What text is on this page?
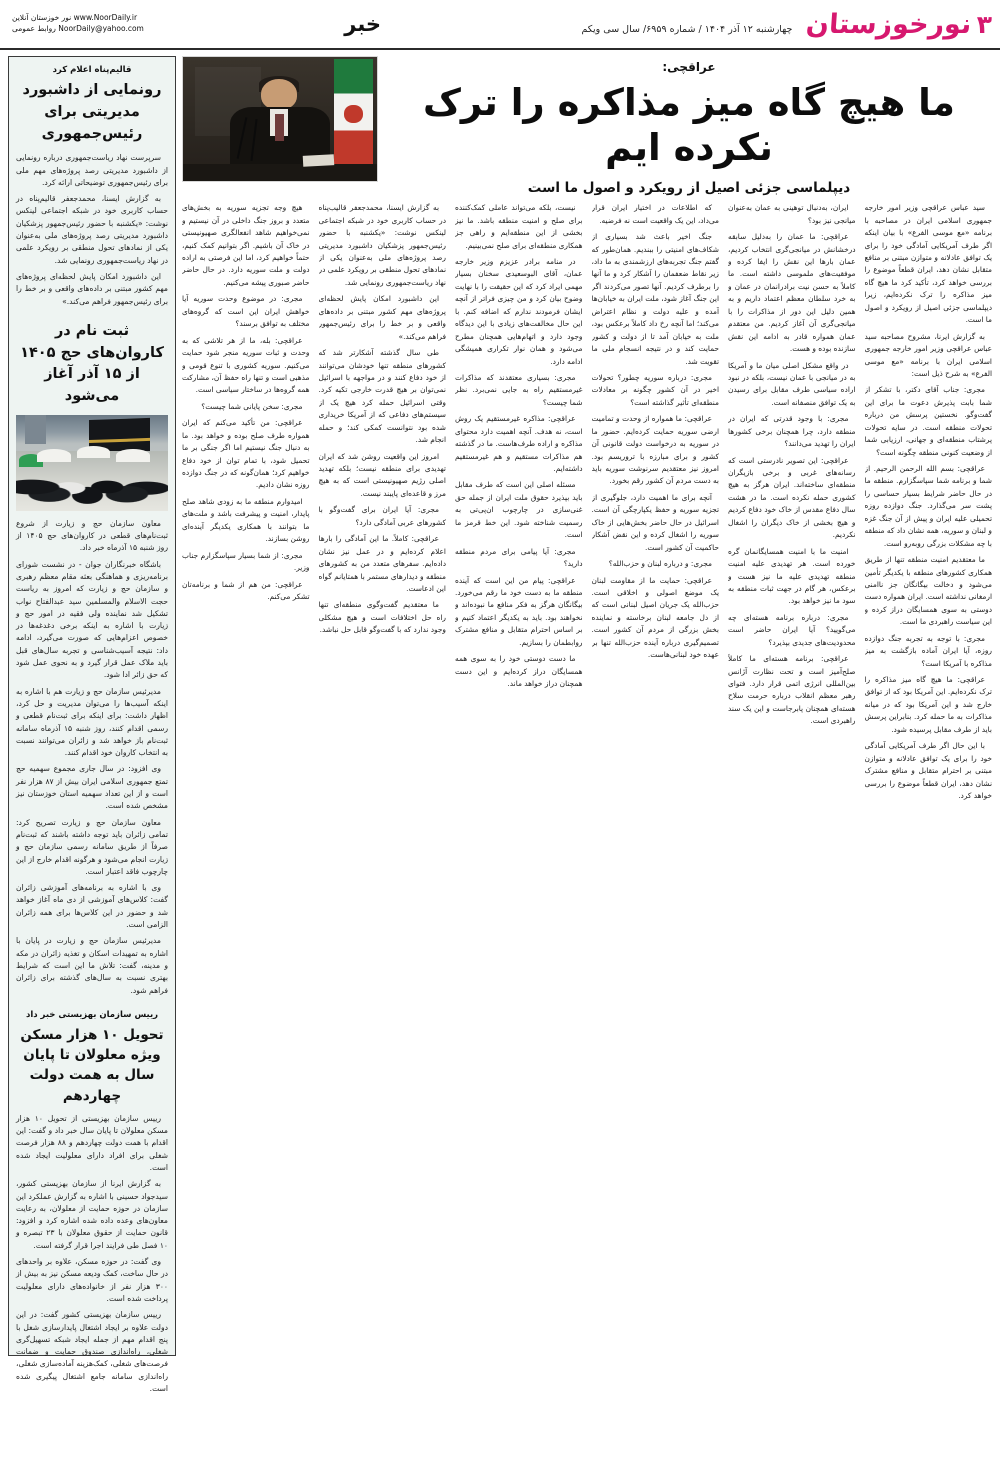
۳
نورخوزستان
چهارشنبه ۱۲ آذر ۱۴۰۴ / شماره ۶۹۵۹/ سال سی ویکم
خبر
نور خوزستان آنلاین www.NoorDaily.ir
روابط عمومی NoorDaily@yahoo.com
عراقچی:
ما هیچ گاه میز مذاکره را ترک نکرده ایم
دیپلماسی جزئی اصیل از رویکرد و اصول ما است

سید عباس عراقچی وزیر امور خارجه جمهوری اسلامی ایران در مصاحبه با برنامه «مع موسی الفرع» با بیان اینکه اگر طرف آمریکایی آمادگی خود را برای یک توافق عادلانه و متوازن مبتنی بر منافع متقابل نشان دهد، ایران قطعاً موضوع را بررسی خواهد کرد، تأکید کرد ما هیچ گاه میز مذاکره را ترک نکرده‌ایم، زیرا دیپلماسی جزئی اصیل از رویکرد و اصول ما است.

به گزارش ایرنا، مشروح مصاحبه سید عباس عراقچی وزیر امور خارجه جمهوری اسلامی ایران با برنامه «مع موسی الفرع» به شرح ذیل است:

مجری: جناب آقای دکتر، با تشکر از شما بابت پذیرش دعوت ما برای این گفت‌وگو. نخستین پرسش من درباره تحولات منطقه است. در سایه تحولات پرشتاب منطقه‌ای و جهانی، ارزیابی شما از وضعیت کنونی منطقه چگونه است؟

عراقچی: بسم الله الرحمن الرحیم. از شما و برنامه شما سپاسگزارم. منطقه ما در حال حاضر شرایط بسیار حساسی را پشت سر می‌گذارد. جنگ دوازده روزه تحمیلی علیه ایران و پیش از آن جنگ غزه و لبنان و سوریه، همه نشان داد که منطقه با چه مشکلات بزرگی روبه‌رو است.

ما معتقدیم امنیت منطقه تنها از طریق همکاری کشورهای منطقه با یکدیگر تأمین می‌شود و دخالت بیگانگان جز ناامنی ارمغانی نداشته است. ایران همواره دست دوستی به سوی همسایگان دراز کرده و این سیاست راهبردی ما است.

مجری: با توجه به تجربه جنگ دوازده روزه، آیا ایران آماده بازگشت به میز مذاکره با آمریکا است؟

عراقچی: ما هیچ گاه میز مذاکره را ترک نکرده‌ایم. این آمریکا بود که از توافق خارج شد و این آمریکا بود که در میانه مذاکرات به ما حمله کرد. بنابراین پرسش باید از طرف مقابل پرسیده شود.

با این حال اگر طرف آمریکایی آمادگی خود را برای یک توافق عادلانه و متوازن مبتنی بر احترام متقابل و منافع مشترک نشان دهد، ایران قطعاً موضوع را بررسی خواهد کرد.

ایران، به‌دنبال توهینی به عمان به‌عنوان میانجی نیز بود؟

عراقچی: ما عمان را به‌دلیل سابقه درخشانش در میانجی‌گری انتخاب کردیم، عمان بارها این نقش را ایفا کرده و موفقیت‌های ملموسی داشته است. ما کاملاً به حسن نیت برادرانمان در عمان و به خرد سلطان معظم اعتماد داریم و به همین دلیل این دور از مذاکرات را با میانجی‌گری آن آغاز کردیم. من معتقدم عمان همواره قادر به ادامه این نقش سازنده بوده و هست.

در واقع مشکل اصلی میان ما و آمریکا به در میانجی با عمان نیست، بلکه در نبود اراده سیاسی طرف مقابل برای رسیدن به یک توافق منصفانه است.

مجری: با وجود قدرتی که ایران در منطقه دارد، چرا همچنان برخی کشورها ایران را تهدید می‌دانند؟

عراقچی: این تصویر نادرستی است که رسانه‌های غربی و برخی بازیگران منطقه‌ای ساخته‌اند. ایران هرگز به هیچ کشوری حمله نکرده است. ما در هشت سال دفاع مقدس از خاک خود دفاع کردیم و هیچ بخشی از خاک دیگران را اشغال نکردیم.

امنیت ما با امنیت همسایگانمان گره خورده است. هر تهدیدی علیه امنیت منطقه تهدیدی علیه ما نیز هست و برعکس، هر گام در جهت ثبات منطقه به سود ما نیز خواهد بود.

مجری: درباره برنامه هسته‌ای چه می‌گویید؟ آیا ایران حاضر است محدودیت‌های جدیدی بپذیرد؟

عراقچی: برنامه هسته‌ای ما کاملاً صلح‌آمیز است و تحت نظارت آژانس بین‌المللی انرژی اتمی قرار دارد. فتوای رهبر معظم انقلاب درباره حرمت سلاح هسته‌ای همچنان پابرجاست و این یک سند راهبردی است.

که اطلاعات در اختیار ایران قرار می‌داد، این یک واقعیت است نه فرضیه.

جنگ اخیر باعث شد بسیاری از شکاف‌های امنیتی را ببندیم. همان‌طور که گفتم جنگ تجربه‌های ارزشمندی به ما داد، زیر نقاط ضعفمان را آشکار کرد و ما آنها را برطرف کردیم. آنها تصور می‌کردند اگر این جنگ آغاز شود، ملت ایران به خیابان‌ها آمده و علیه دولت و نظام اعتراض می‌کند؛ اما آنچه رخ داد کاملاً برعکس بود، ملت به خیابان آمد تا از دولت و کشور حمایت کند و در نتیجه انسجام ملی ما تقویت شد.

مجری: درباره سوریه چطور؟ تحولات اخیر در آن کشور چگونه بر معادلات منطقه‌ای تأثیر گذاشته است؟

عراقچی: ما همواره از وحدت و تمامیت ارضی سوریه حمایت کرده‌ایم. حضور ما در سوریه به درخواست دولت قانونی آن کشور و برای مبارزه با تروریسم بود. امروز نیز معتقدیم سرنوشت سوریه باید به دست مردم آن کشور رقم بخورد.

آنچه برای ما اهمیت دارد، جلوگیری از تجزیه سوریه و حفظ یکپارچگی آن است. اسرائیل در حال حاضر بخش‌هایی از خاک سوریه را اشغال کرده و این نقض آشکار حاکمیت آن کشور است.

مجری: و درباره لبنان و حزب‌الله؟

عراقچی: حمایت ما از مقاومت لبنان یک موضع اصولی و اخلاقی است. حزب‌الله یک جریان اصیل لبنانی است که از دل جامعه لبنان برخاسته و نماینده بخش بزرگی از مردم آن کشور است. تصمیم‌گیری درباره آینده حزب‌الله تنها بر عهده خود لبنانی‌هاست.

نیست، بلکه می‌تواند عاملی کمک‌کننده برای صلح و امنیت منطقه باشد. ما نیز بخشی از این منطقه‌ایم و راهی جز همکاری منطقه‌ای برای صلح نمی‌بینیم.

در منامه برادر عزیزم وزیر خارجه عمان، آقای البوسعیدی سخنان بسیار مهمی ایراد کرد که این حقیقت را با نهایت وضوح بیان کرد و من چیزی فراتر از آنچه ایشان فرمودند ندارم که اضافه کنم. با این حال مخالفت‌های زیادی با این دیدگاه وجود دارد و اتهام‌هایی همچنان مطرح می‌شود و همان نوار تکراری همیشگی ادامه دارد.

مجری: بسیاری معتقدند که مذاکرات غیرمستقیم راه به جایی نمی‌برد. نظر شما چیست؟

عراقچی: مذاکره غیرمستقیم یک روش است، نه هدف. آنچه اهمیت دارد محتوای مذاکره و اراده طرف‌هاست. ما در گذشته هم مذاکرات مستقیم و هم غیرمستقیم داشته‌ایم.

مسئله اصلی این است که طرف مقابل باید بپذیرد حقوق ملت ایران از جمله حق غنی‌سازی در چارچوب ان‌پی‌تی به رسمیت شناخته شود. این خط قرمز ما است.

مجری: آیا پیامی برای مردم منطقه دارید؟

عراقچی: پیام من این است که آینده منطقه ما به دست خود ما رقم می‌خورد. بیگانگان هرگز به فکر منافع ما نبوده‌اند و نخواهند بود. باید به یکدیگر اعتماد کنیم و بر اساس احترام متقابل و منافع مشترک روابطمان را بسازیم.

ما دست دوستی خود را به سوی همه همسایگان دراز کرده‌ایم و این دست همچنان دراز خواهد ماند.

به گزارش ایسنا، محمدجعفر قالیب‌پناه در حساب کاربری خود در شبکه اجتماعی لینکس نوشت: «یکشنبه با حضور رئیس‌جمهور پزشکیان داشبورد مدیریتی رصد پروژه‌های ملی به‌عنوان یکی از نمادهای تحول منطقی بر رویکرد علمی در نهاد ریاست‌جمهوری رونمایی شد.

این داشبورد امکان پایش لحظه‌ای پروژه‌های مهم کشور مبتنی بر داده‌های واقعی و بر خط را برای رئیس‌جمهور فراهم می‌کند.»

طی سال گذشته آشکارتر شد که کشورهای منطقه تنها خودشان می‌توانند از خود دفاع کنند و در مواجهه با اسرائیل نمی‌توان بر هیچ قدرت خارجی تکیه کرد. وقتی اسرائیل حمله کرد هیچ یک از سیستم‌های دفاعی که از آمریکا خریداری شده بود نتوانست کمکی کند؛ و حمله انجام شد.

امروز این واقعیت روشن شد که ایران تهدیدی برای منطقه نیست؛ بلکه تهدید اصلی رژیم صهیونیستی است که به هیچ مرز و قاعده‌ای پایبند نیست.

مجری: آیا ایران برای گفت‌وگو با کشورهای عربی آمادگی دارد؟

عراقچی: کاملاً. ما این آمادگی را بارها اعلام کرده‌ایم و در عمل نیز نشان داده‌ایم. سفرهای متعدد من به کشورهای منطقه و دیدارهای مستمر با همتایانم گواه این ادعاست.

ما معتقدیم گفت‌وگوی منطقه‌ای تنها راه حل اختلافات است و هیچ مشکلی وجود ندارد که با گفت‌وگو قابل حل نباشد.

هیچ وجه تجزیه سوریه به بخش‌های متعدد و بروز جنگ داخلی در آن نیستیم و نمی‌خواهیم شاهد انفعالگری صهیونیستی در خاک آن باشیم. اگر بتوانیم کمک کنیم، حتماً خواهیم کرد، اما این فرصتی به اراده دولت و ملت سوریه دارد. در حال حاضر حاضر صبوری پیشه می‌کنیم.

مجری: در موضوع وحدت سوریه آیا خواهش ایران این است که گروه‌های مختلف به توافق برسند؟

عراقچی: بله، ما از هر تلاشی که به وحدت و ثبات سوریه منجر شود حمایت می‌کنیم. سوریه کشوری با تنوع قومی و مذهبی است و تنها راه حفظ آن، مشارکت همه گروه‌ها در ساختار سیاسی است.

مجری: سخن پایانی شما چیست؟

عراقچی: من تأکید می‌کنم که ایران همواره طرف صلح بوده و خواهد بود. ما به دنبال جنگ نیستیم اما اگر جنگی بر ما تحمیل شود، با تمام توان از خود دفاع خواهیم کرد؛ همان‌گونه که در جنگ دوازده روزه نشان دادیم.

امیدوارم منطقه ما به زودی شاهد صلح پایدار، امنیت و پیشرفت باشد و ملت‌های ما بتوانند با همکاری یکدیگر آینده‌ای روشن بسازند.

مجری: از شما بسیار سپاسگزارم جناب وزیر.

عراقچی: من هم از شما و برنامه‌تان تشکر می‌کنم.

قالیم‌پناه اعلام کرد
رونمایی از داشبورد مدیریتی برای رئیس‌جمهوری

سرپرست نهاد ریاست‌جمهوری درباره رونمایی از داشبورد مدیریتی رصد پروژه‌های مهم ملی برای رئیس‌جمهوری توضیحاتی ارائه کرد.

به گزارش ایسنا، محمدجعفر قالیم‌پناه در حساب کاربری خود در شبکه اجتماعی لینکس نوشت: «یکشنبه با حضور رئیس‌جمهور پزشکیان داشبورد مدیریتی رصد پروژه‌های ملی به‌عنوان یکی از نمادهای تحول منطقی بر رویکرد علمی در نهاد ریاست‌جمهوری رونمایی شد.

این داشبورد امکان پایش لحظه‌ای پروژه‌های مهم کشور مبتنی بر داده‌های واقعی و بر خط را برای رئیس‌جمهور فراهم می‌کند.»

ثبت نام در کاروان‌های حج ۱۴۰۵ از ۱۵ آذر آغاز می‌شود

معاون سازمان حج و زیارت از شروع ثبت‌نام‌های قطعی در کاروان‌های حج ۱۴۰۵ از روز شنبه ۱۵ آذرماه خبر داد.

باشگاه خبرنگاران جوان - در نشست شورای برنامه‌ریزی و هماهنگی بعثه مقام معظم رهبری و سازمان حج و زیارت که امروز به ریاست حجت الاسلام والمسلمین سید عبدالفتاح نواب تشکیل شد نماینده ولی فقیه در امور حج و زیارت با اشاره به اینکه برخی دغدغه‌ها در خصوص اعزام‌هایی که صورت می‌گیرد، ادامه داد: نتیجه آسیب‌شناسی و تجربه سال‌های قبل باید ملاک عمل قرار گیرد و به نحوی عمل شود که حق زائر ادا شود.

مدیرئیس سازمان حج و زیارت هم با اشاره به اینکه آسیب‌ها را می‌توان مدیریت و حل کرد، اظهار داشت: برای اینکه برای ثبت‌نام قطعی و رسمی اقدام کنند، روز شنبه ۱۵ آذرماه سامانه ثبت‌نام باز خواهد شد و زائران می‌توانند نسبت به انتخاب کاروان خود اقدام کنند.

وی افزود: در سال جاری مجموع سهمیه حج تمتع جمهوری اسلامی ایران بیش از ۸۷ هزار نفر است و از این تعداد سهمیه استان خوزستان نیز مشخص شده است.

معاون سازمان حج و زیارت تصریح کرد: تمامی زائران باید توجه داشته باشند که ثبت‌نام صرفاً از طریق سامانه رسمی سازمان حج و زیارت انجام می‌شود و هرگونه اقدام خارج از این چارچوب فاقد اعتبار است.

وی با اشاره به برنامه‌های آموزشی زائران گفت: کلاس‌های آموزشی از دی ماه آغاز خواهد شد و حضور در این کلاس‌ها برای همه زائران الزامی است.

مدیرئیس سازمان حج و زیارت در پایان با اشاره به تمهیدات اسکان و تغذیه زائران در مکه و مدینه، گفت: تلاش ما این است که شرایط بهتری نسبت به سال‌های گذشته برای زائران فراهم شود.

رییس سازمان بهزیستی خبر داد
تحویل ۱۰ هزار مسکن ویژه معلولان تا پایان سال به همت دولت چهاردهم

رییس سازمان بهزیستی از تحویل ۱۰ هزار مسکن معلولان تا پایان سال خبر داد و گفت: این اقدام با همت دولت چهاردهم و ۸۸ هزار فرصت شغلی برای افراد دارای معلولیت ایجاد شده است.

به گزارش ایرنا از سازمان بهزیستی کشور، سیدجواد حسینی با اشاره به گزارش عملکرد این سازمان در حوزه حمایت از معلولان، به رعایت معاون‌های وعده داده شده اشاره کرد و افزود: قانون حمایت از حقوق معلولان با ۲۳ تبصره و ۱۰ فصل طی فرایند اجرا قرار گرفته است.

وی گفت: در حوزه مسکن، علاوه بر واحدهای در حال ساخت، کمک ودیعه مسکن نیز به بیش از ۳۰۰ هزار نفر از خانواده‌های دارای معلولیت پرداخت شده است.

رییس سازمان بهزیستی کشور گفت: در این دولت علاوه بر ایجاد اشتغال پایدارسازی شغل با پنج اقدام مهم از جمله ایجاد شبکه تسهیل‌گری شغلی، راه‌اندازی صندوق حمایت و ضمانت فرصت‌های شغلی، کمک‌هزینه آماده‌سازی شغلی، راه‌اندازی سامانه جامع اشتغال پیگیری شده است.
